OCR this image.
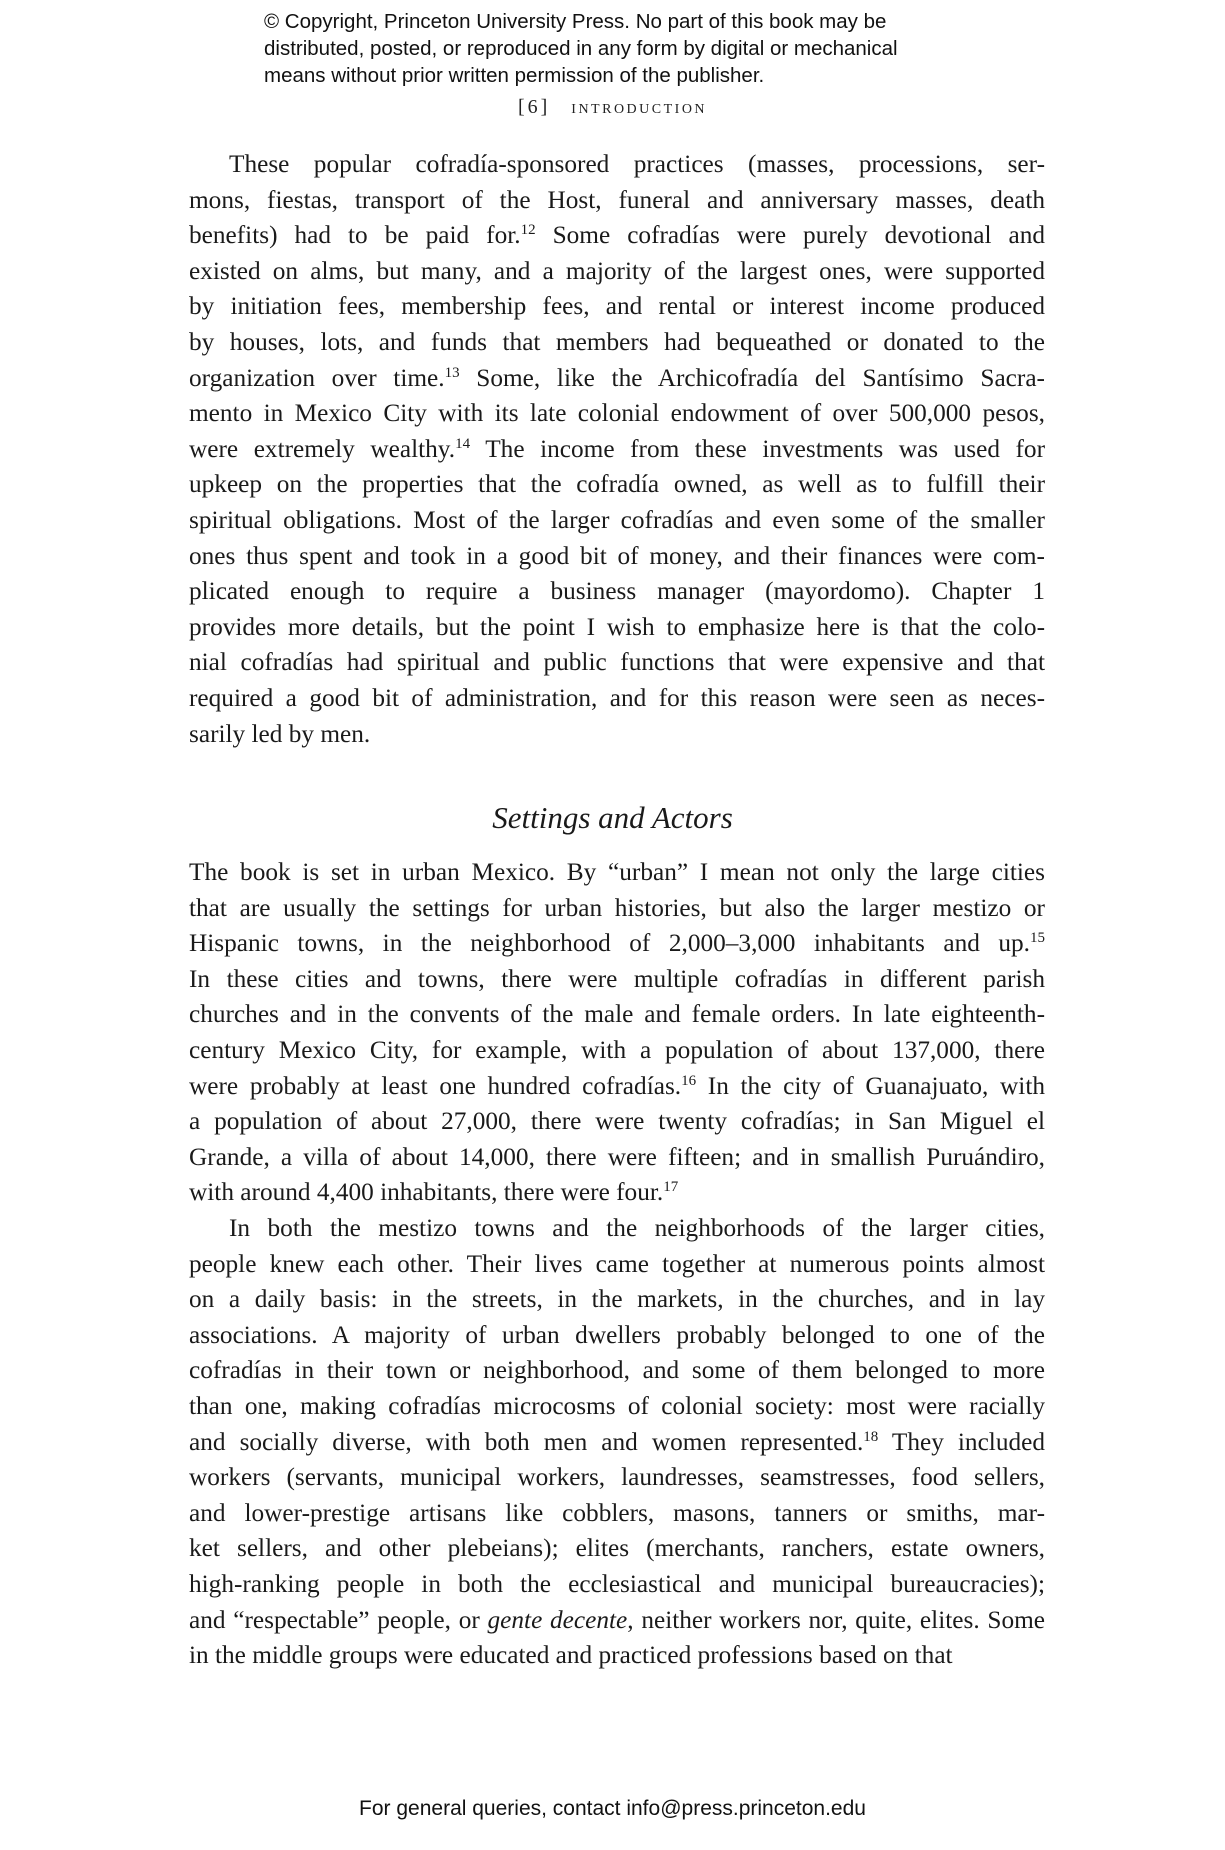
© Copyright, Princeton University Press. No part of this book may be
distributed, posted, or reproduced in any form by digital or mechanical
means without prior written permission of the publisher.
[6] introduction
These popular cofradía-sponsored practices (masses, processions, ser-
mons, fiestas, transport of the Host, funeral and anniversary masses, death
benefits) had to be paid for.$^{12}$ Some cofradías were purely devotional and
existed on alms, but many, and a majority of the largest ones, were supported
by initiation fees, membership fees, and rental or interest income produced
by houses, lots, and funds that members had bequeathed or donated to the
organization over time.$^{13}$ Some, like the Archicofradía del Santísimo Sacra-
mento in Mexico City with its late colonial endowment of over 500,000 pesos,
were extremely wealthy.$^{14}$ The income from these investments was used for
upkeep on the properties that the cofradía owned, as well as to fulfill their
spiritual obligations. Most of the larger cofradías and even some of the smaller
ones thus spent and took in a good bit of money, and their finances were com-
plicated enough to require a business manager (mayordomo). Chapter 1
provides more details, but the point I wish to emphasize here is that the colo-
nial cofradías had spiritual and public functions that were expensive and that
required a good bit of administration, and for this reason were seen as neces-
sarily led by men.
Settings and Actors
The book is set in urban Mexico. By “urban” I mean not only the large cities
that are usually the settings for urban histories, but also the larger mestizo or
Hispanic towns, in the neighborhood of 2,000–3,000 inhabitants and up.$^{15}$
In these cities and towns, there were multiple cofradías in different parish
churches and in the convents of the male and female orders. In late eighteenth-
century Mexico City, for example, with a population of about 137,000, there
were probably at least one hundred cofradías.$^{16}$ In the city of Guanajuato, with
a population of about 27,000, there were twenty cofradías; in San Miguel el
Grande, a villa of about 14,000, there were fifteen; and in smallish Puruándiro,
with around 4,400 inhabitants, there were four.$^{17}$
In both the mestizo towns and the neighborhoods of the larger cities,
people knew each other. Their lives came together at numerous points almost
on a daily basis: in the streets, in the markets, in the churches, and in lay
associations. A majority of urban dwellers probably belonged to one of the
cofradías in their town or neighborhood, and some of them belonged to more
than one, making cofradías microcosms of colonial society: most were racially
and socially diverse, with both men and women represented.$^{18}$ They included
workers (servants, municipal workers, laundresses, seamstresses, food sellers,
and lower-prestige artisans like cobblers, masons, tanners or smiths, mar-
ket sellers, and other plebeians); elites (merchants, ranchers, estate owners,
high-ranking people in both the ecclesiastical and municipal bureaucracies);
and “respectable” people, or gente decente, neither workers nor, quite, elites. Some
in the middle groups were educated and practiced professions based on that
For general queries, contact info@press.princeton.edu
